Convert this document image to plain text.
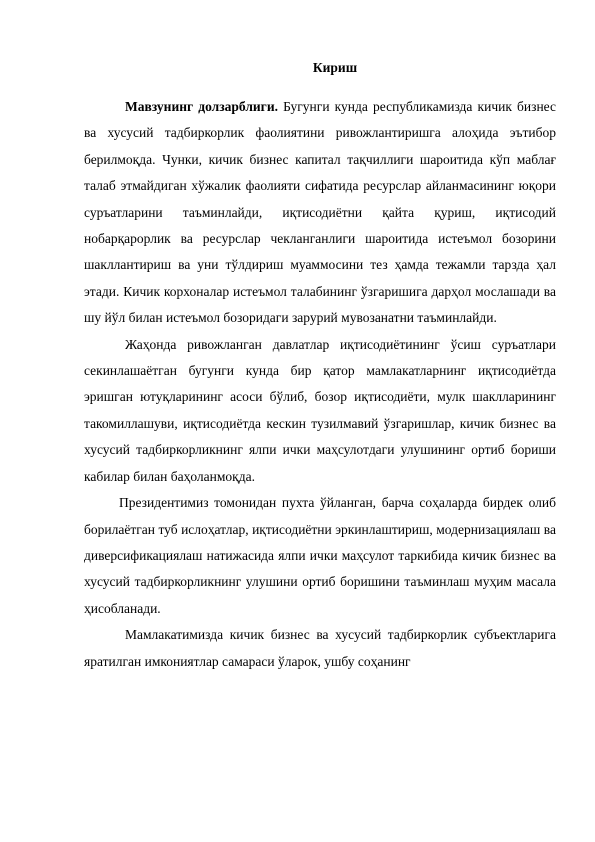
Кириш

Мавзунинг долзарблиги. Бугунги кунда республикамизда кичик бизнес ва хусусий тадбиркорлик фаолиятини ривожлантиришга алоҳида эътибор берилмоқда. Чунки, кичик бизнес капитал тақчиллиги шароитида кўп маблағ талаб этмайдиган хўжалик фаолияти сифатида ресурслар айланмасининг юқори суръатларини таъминлайди, иқтисодиётни қайта қуриш, иқтисодий нобарқарорлик ва ресурслар чекланганлиги шароитида истеъмол бозорини шакллантириш ва уни тўлдириш муаммосини тез ҳамда тежамли тарзда ҳал этади. Кичик корхоналар истеъмол талабининг ўзгаришига дарҳол мослашади ва шу йўл билан истеъмол бозоридаги зарурий мувозанатни таъминлайди.

Жаҳонда ривожланган давлатлар иқтисодиётининг ўсиш суръатлари секинлашаётган бугунги кунда бир қатор мамлакатларнинг иқтисодиётда эришган ютуқларининг асоси бўлиб, бозор иқтисодиёти, мулк шаклларининг такомиллашуви, иқтисодиётда кескин тузилмавий ўзгаришлар, кичик бизнес ва хусусий тадбиркорликнинг ялпи ички маҳсулотдаги улушининг ортиб бориши кабилар билан баҳоланмоқда.

Президентимиз томонидан пухта ўйланган, барча соҳаларда бирдек олиб борилаётган туб ислоҳатлар, иқтисодиётни эркинлаштириш, модернизациялаш ва диверсификациялаш натижасида ялпи ички маҳсулот таркибида кичик бизнес ва хусусий тадбиркорликнинг улушини ортиб боришини таъминлаш муҳим масала ҳисобланади.

Мамлакатимизда кичик бизнес ва хусусий тадбиркорлик субъектларига яратилган имкониятлар самараси ўларок, ушбу соҳанинг
